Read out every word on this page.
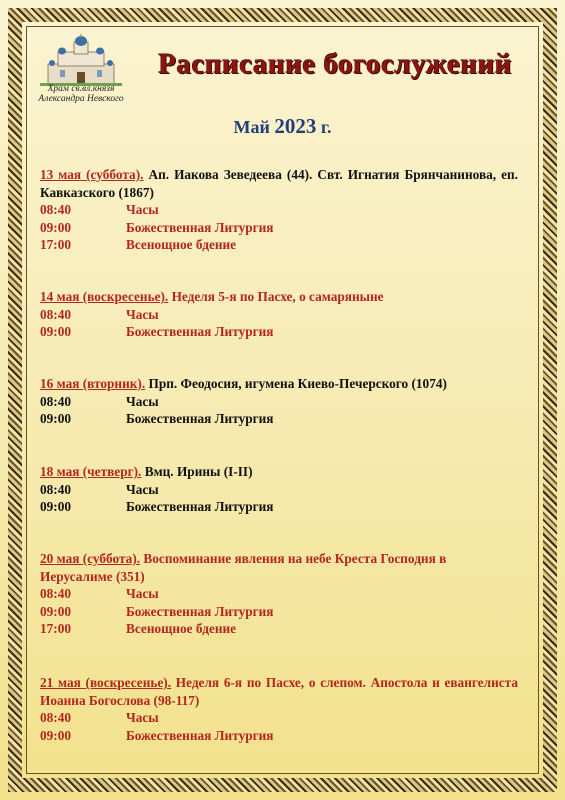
Храм св.вл.князя
Александра Невского
Расписание богослужений
Май 2023 г.

13 мая (суббота). Ап. Иакова Зеведеева (44). Свт. Игнатия Брянчанинова, еп. Кавказского (1867)

08:40	Часы
09:00	Божественная Литургия
17:00	Всенощное бдение

14 мая (воскресенье). Неделя 5-я по Пасхе, о самаряныне

08:40	Часы
09:00	Божественная Литургия

16 мая (вторник). Прп. Феодосия, игумена Киево-Печерского (1074)

08:40	Часы
09:00	Божественная Литургия

18 мая (четверг). Вмц. Ирины (I-II)

08:40	Часы
09:00	Божественная Литургия

20 мая (суббота). Воспоминание явления на небе Креста Господня в Иерусалиме (351)

08:40	Часы
09:00	Божественная Литургия
17:00	Всенощное бдение

21 мая (воскресенье). Неделя 6-я по Пасхе, о слепом. Апостола и евангелиста Иоанна Богослова (98-117)

08:40	Часы
09:00	Божественная Литургия
